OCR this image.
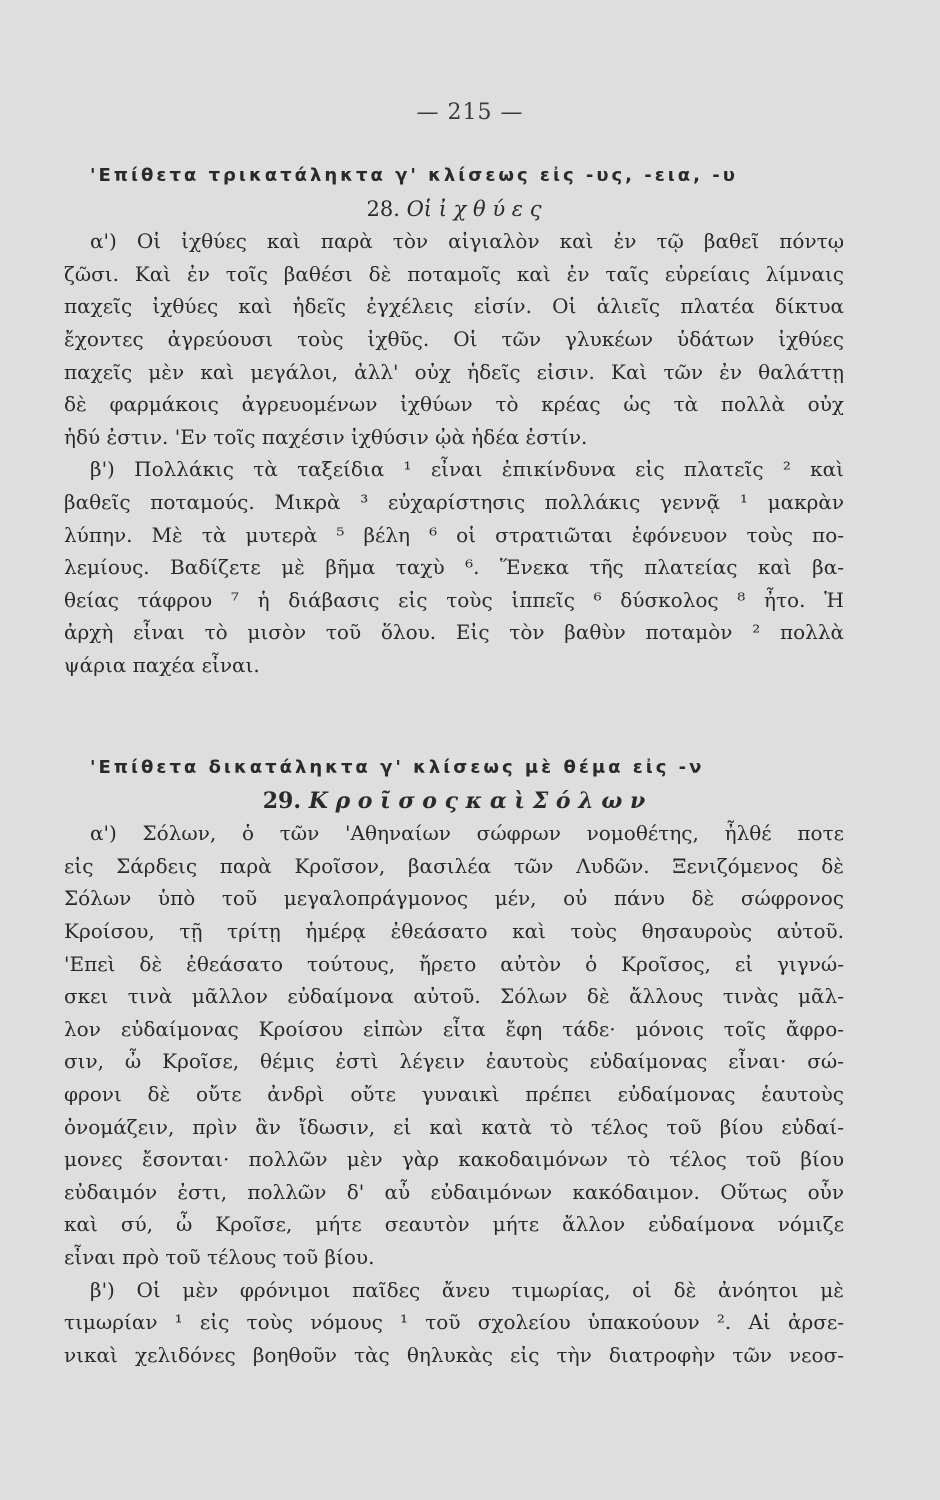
— 215 —
'Επίθετα τρικατάληκτα γ' κλίσεως εἰς -υς, -εια, -υ
28. Οἱ ἰ χ θ ύ ε ς
α') Οἱ ἰχθύες καὶ παρὰ τὸν αἰγιαλὸν καὶ ἐν τῷ βαθεῖ πόντῳ
ζῶσι. Καὶ ἐν τοῖς βαθέσι δὲ ποταμοῖς καὶ ἐν ταῖς εὐρείαις λίμναις
παχεῖς ἰχθύες καὶ ἡδεῖς ἐγχέλεις εἰσίν. Οἱ ἁλιεῖς πλατέα δίκτυα
ἔχοντες ἀγρεύουσι τοὺς ἰχθῦς. Οἱ τῶν γλυκέων ὑδάτων ἰχθύες
παχεῖς μὲν καὶ μεγάλοι, ἀλλ' οὐχ ἡδεῖς εἰσιν. Καὶ τῶν ἐν θαλάττῃ
δὲ φαρμάκοις ἀγρευομένων ἰχθύων τὸ κρέας ὡς τὰ πολλὰ οὐχ
ἡδύ ἐστιν. 'Εν τοῖς παχέσιν ἰχθύσιν ᾠὰ ἡδέα ἐστίν.
β') Πολλάκις τὰ ταξείδια ¹ εἶναι ἐπικίνδυνα εἰς πλατεῖς ² καὶ
βαθεῖς ποταμούς. Μικρὰ ³ εὐχαρίστησις πολλάκις γεννᾷ ¹ μακρὰν
λύπην. Μὲ τὰ μυτερὰ ⁵ βέλη ⁶ οἱ στρατιῶται ἐφόνευον τοὺς πο-
λεμίους. Βαδίζετε μὲ βῆμα ταχὺ ⁶. Ἕνεκα τῆς πλατείας καὶ βα-
θείας τάφρου ⁷ ἡ διάβασις εἰς τοὺς ἱππεῖς ⁶ δύσκολος ⁸ ἦτο. Ἡ
ἀρχὴ εἶναι τὸ μισὸν τοῦ ὅλου. Εἰς τὸν βαθὺν ποταμὸν ² πολλὰ
ψάρια παχέα εἶναι.
'Επίθετα δικατάληκτα γ' κλίσεως μὲ θέμα εἰς -ν
29. Κ ρ ο ῖ σ ο ς κ α ὶ Σ ό λ ω ν
α') Σόλων, ὁ τῶν 'Αθηναίων σώφρων νομοθέτης, ἦλθέ ποτε
εἰς Σάρδεις παρὰ Κροῖσον, βασιλέα τῶν Λυδῶν. Ξενιζόμενος δὲ
Σόλων ὑπὸ τοῦ μεγαλοπράγμονος μέν, οὐ πάνυ δὲ σώφρονος
Κροίσου, τῇ τρίτῃ ἡμέρᾳ ἐθεάσατο καὶ τοὺς θησαυροὺς αὐτοῦ.
'Επεὶ δὲ ἐθεάσατο τούτους, ἤρετο αὐτὸν ὁ Κροῖσος, εἰ γιγνώ-
σκει τινὰ μᾶλλον εὐδαίμονα αὐτοῦ. Σόλων δὲ ἄλλους τινὰς μᾶλ-
λον εὐδαίμονας Κροίσου εἰπὼν εἶτα ἔφη τάδε· μόνοις τοῖς ἄφρο-
σιν, ὦ Κροῖσε, θέμις ἐστὶ λέγειν ἑαυτοὺς εὐδαίμονας εἶναι· σώ-
φρονι δὲ οὔτε ἀνδρὶ οὔτε γυναικὶ πρέπει εὐδαίμονας ἑαυτοὺς
ὀνομάζειν, πρὶν ἂν ἴδωσιν, εἰ καὶ κατὰ τὸ τέλος τοῦ βίου εὐδαί-
μονες ἔσονται· πολλῶν μὲν γὰρ κακοδαιμόνων τὸ τέλος τοῦ βίου
εὐδαιμόν ἐστι, πολλῶν δ' αὖ εὐδαιμόνων κακόδαιμον. Οὕτως οὖν
καὶ σύ, ὦ Κροῖσε, μήτε σεαυτὸν μήτε ἄλλον εὐδαίμονα νόμιζε
εἶναι πρὸ τοῦ τέλους τοῦ βίου.
β') Οἱ μὲν φρόνιμοι παῖδες ἄνευ τιμωρίας, οἱ δὲ ἀνόητοι μὲ
τιμωρίαν ¹ εἰς τοὺς νόμους ¹ τοῦ σχολείου ὑπακούουν ². Αἱ ἀρσε-
νικαὶ χελιδόνες βοηθοῦν τὰς θηλυκὰς εἰς τὴν διατροφὴν τῶν νεοσ-
